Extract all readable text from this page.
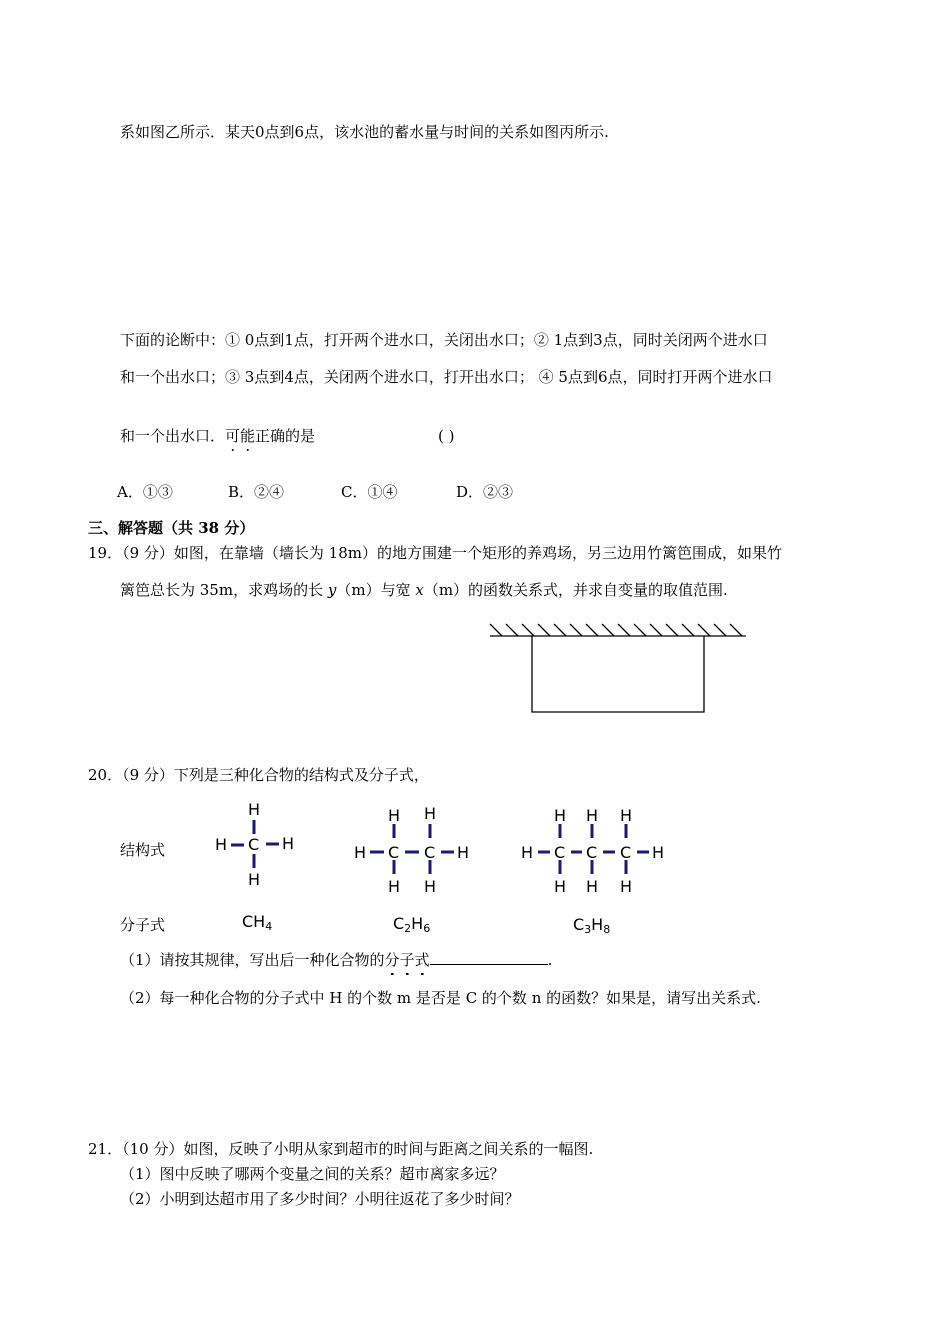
系如图乙所示．某天0点到6点，该水池的蓄水量与时间的关系如图丙所示.
下面的论断中：① 0点到1点，打开两个进水口，关闭出水口；② 1点到3点，同时关闭两个进水口
和一个出水口；③ 3点到4点，关闭两个进水口，打开出水口； ④ 5点到6点，同时打开两个进水口
和一个出水口．可能正确的是	( )
A．①③	B．②④	C．①④	D．②③
三、解答题（共 38 分）
19．（9 分）如图，在靠墙（墙长为 18m）的地方围建一个矩形的养鸡场，另三边用竹篱笆围成，如果竹
篱笆总长为 35m，求鸡场的长 y（m）与宽 x（m）的函数关系式，并求自变量的取值范围.
20．（9 分）下列是三种化合物的结构式及分子式，
结构式
H
H C H
H
H H
H C C H
H H
H H H
H C C C H
H H H
分子式	$CH_4$	$C_2H_6$	$C_3H_8$
（1）请按其规律，写出后一种化合物的分子式	.
（2）每一种化合物的分子式中 H 的个数 m 是否是 C 的个数 n 的函数？如果是，请写出关系式.
21．（10 分）如图，反映了小明从家到超市的时间与距离之间关系的一幅图.
（1）图中反映了哪两个变量之间的关系？超市离家多远？
（2）小明到达超市用了多少时间？小明往返花了多少时间？
